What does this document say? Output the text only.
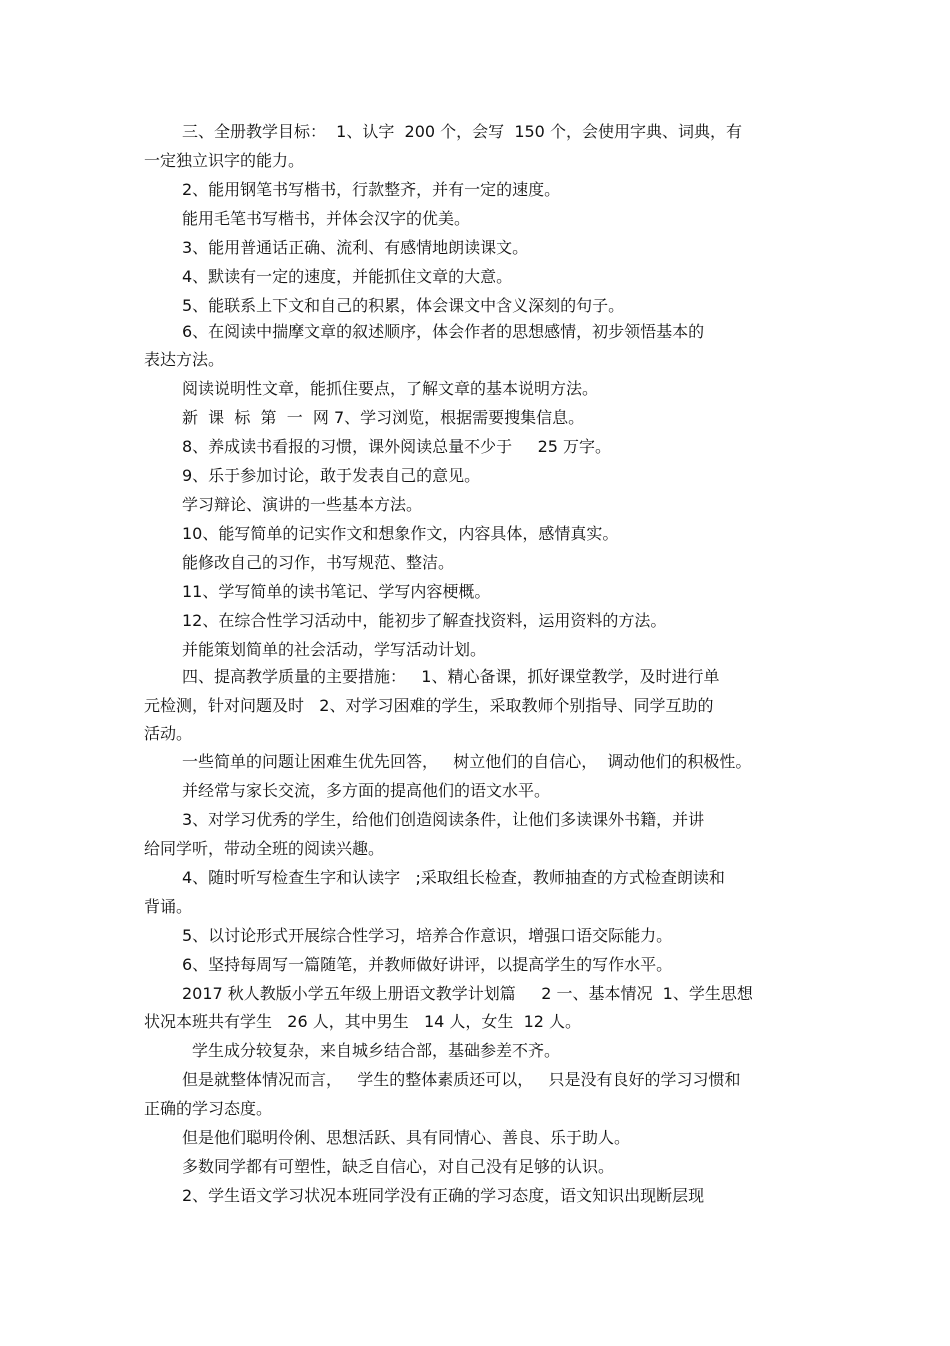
三、全册教学目标：  1、认字  200 个，会写  150 个，会使用字典、词典，有
一定独立识字的能力。
2、能用钢笔书写楷书，行款整齐，并有一定的速度。
能用毛笔书写楷书，并体会汉字的优美。
3、能用普通话正确、流利、有感情地朗读课文。
4、默读有一定的速度，并能抓住文章的大意。
5、能联系上下文和自己的积累，体会课文中含义深刻的句子。
6、在阅读中揣摩文章的叙述顺序，体会作者的思想感情，初步领悟基本的
表达方法。
阅读说明性文章，能抓住要点，了解文章的基本说明方法。
新  课  标  第  一  网 7、学习浏览，根据需要搜集信息。
8、养成读书看报的习惯，课外阅读总量不少于     25 万字。
9、乐于参加讨论，敢于发表自己的意见。
学习辩论、演讲的一些基本方法。
10、能写简单的记实作文和想象作文，内容具体，感情真实。
能修改自己的习作，书写规范、整洁。
11、学写简单的读书笔记、学写内容梗概。
12、在综合性学习活动中，能初步了解查找资料，运用资料的方法。
并能策划简单的社会活动，学写活动计划。
四、提高教学质量的主要措施：   1、精心备课，抓好课堂教学，及时进行单
元检测，针对问题及时   2、对学习困难的学生，采取教师个别指导、同学互助的
活动。
一些简单的问题让困难生优先回答，   树立他们的自信心，  调动他们的积极性。
并经常与家长交流，多方面的提高他们的语文水平。
3、对学习优秀的学生，给他们创造阅读条件，让他们多读课外书籍，并讲
给同学听，带动全班的阅读兴趣。
4、随时听写检查生字和认读字   ;采取组长检查，教师抽查的方式检查朗读和
背诵。
5、以讨论形式开展综合性学习，培养合作意识，增强口语交际能力。
6、坚持每周写一篇随笔，并教师做好讲评，以提高学生的写作水平。
2017 秋人教版小学五年级上册语文教学计划篇     2 一、基本情况  1、学生思想
状况本班共有学生   26 人，其中男生   14 人，女生  12 人。
学生成分较复杂，来自城乡结合部，基础参差不齐。
但是就整体情况而言，   学生的整体素质还可以，   只是没有良好的学习习惯和
正确的学习态度。
但是他们聪明伶俐、思想活跃、具有同情心、善良、乐于助人。
多数同学都有可塑性，缺乏自信心，对自己没有足够的认识。
2、学生语文学习状况本班同学没有正确的学习态度，语文知识出现断层现
